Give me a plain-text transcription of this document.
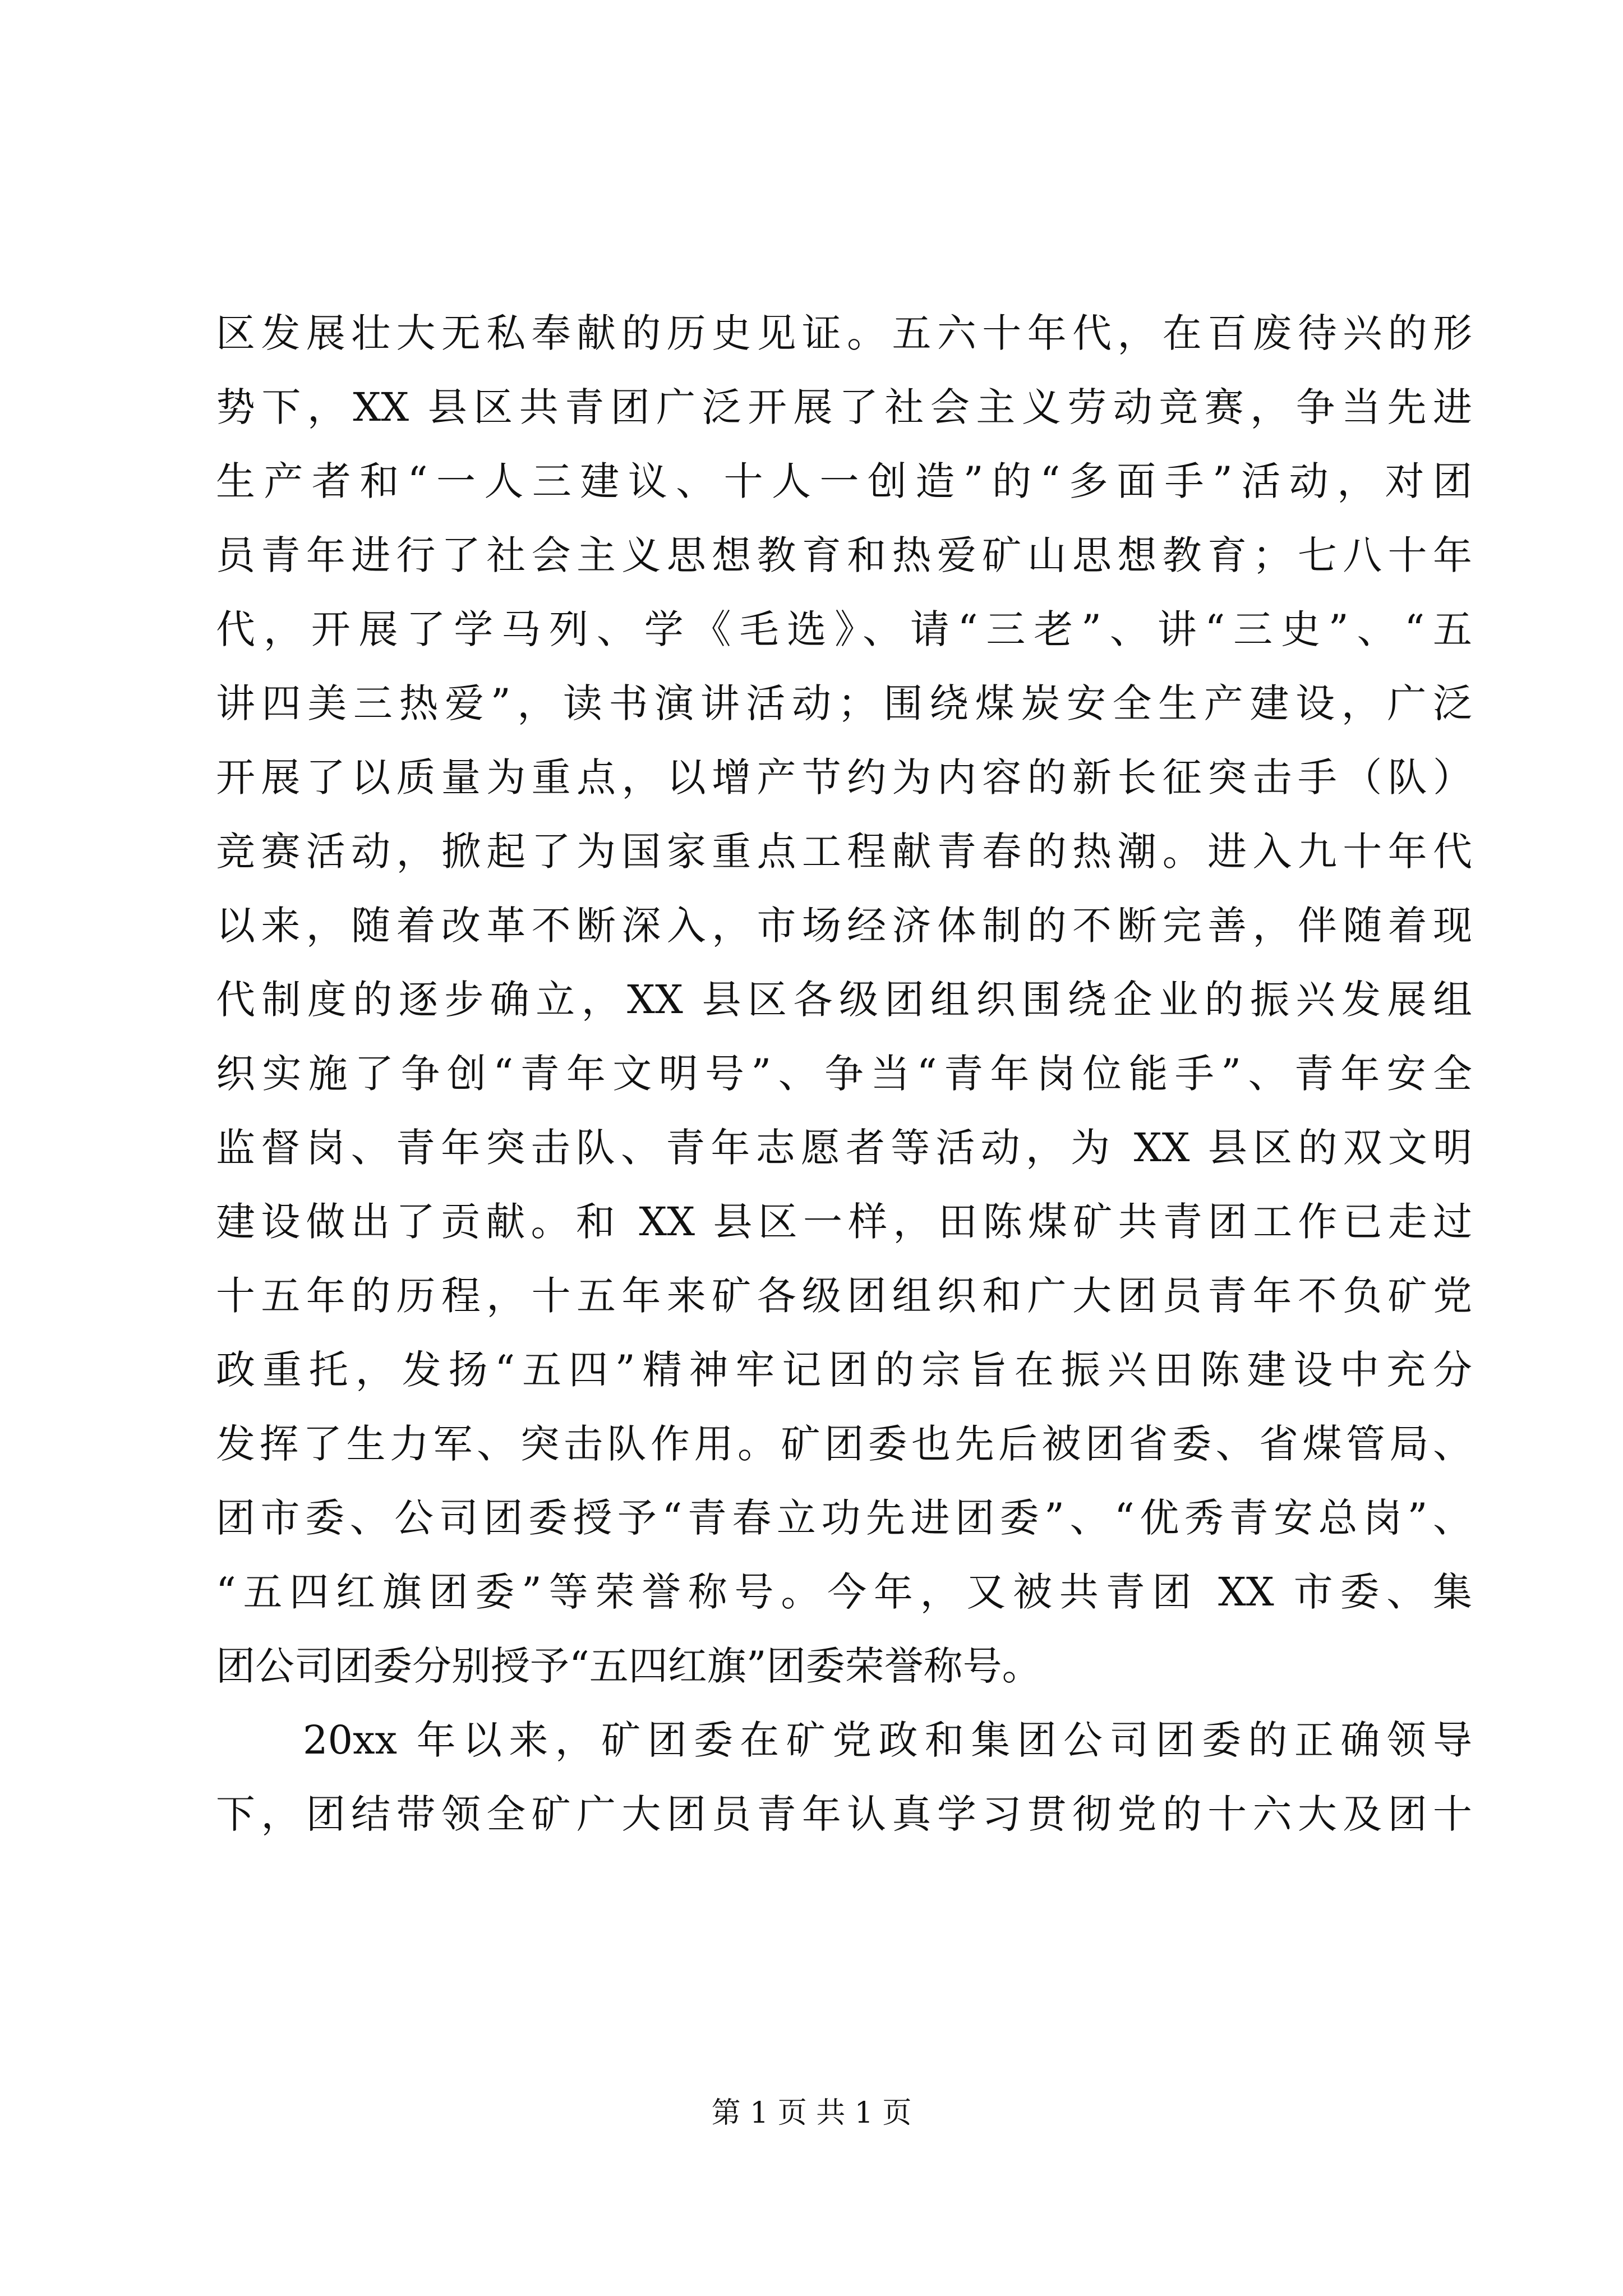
区发展壮大无私奉献的历史见证。五六十年代，在百废待兴的形
势下，XX 县区共青团广泛开展了社会主义劳动竞赛，争当先进
生产者和“一人三建议、十人一创造”的“多面手”活动，对团
员青年进行了社会主义思想教育和热爱矿山思想教育；七八十年
代，开展了学马列、学《毛选》、请“三老”、讲“三史”、“五
讲四美三热爱”，读书演讲活动；围绕煤炭安全生产建设，广泛
开展了以质量为重点，以增产节约为内容的新长征突击手（队）
竞赛活动，掀起了为国家重点工程献青春的热潮。进入九十年代
以来，随着改革不断深入，市场经济体制的不断完善，伴随着现
代制度的逐步确立，XX 县区各级团组织围绕企业的振兴发展组
织实施了争创“青年文明号”、争当“青年岗位能手”、青年安全
监督岗、青年突击队、青年志愿者等活动，为 XX 县区的双文明
建设做出了贡献。和 XX 县区一样，田陈煤矿共青团工作已走过
十五年的历程，十五年来矿各级团组织和广大团员青年不负矿党
政重托，发扬“五四”精神牢记团的宗旨在振兴田陈建设中充分
发挥了生力军、突击队作用。矿团委也先后被团省委、省煤管局、
团市委、公司团委授予“青春立功先进团委”、“优秀青安总岗”、
“五四红旗团委”等荣誉称号。今年，又被共青团 XX 市委、集
团公司团委分别授予“五四红旗”团委荣誉称号。
20xx 年以来，矿团委在矿党政和集团公司团委的正确领导
下，团结带领全矿广大团员青年认真学习贯彻党的十六大及团十
第 1 页 共 1 页
